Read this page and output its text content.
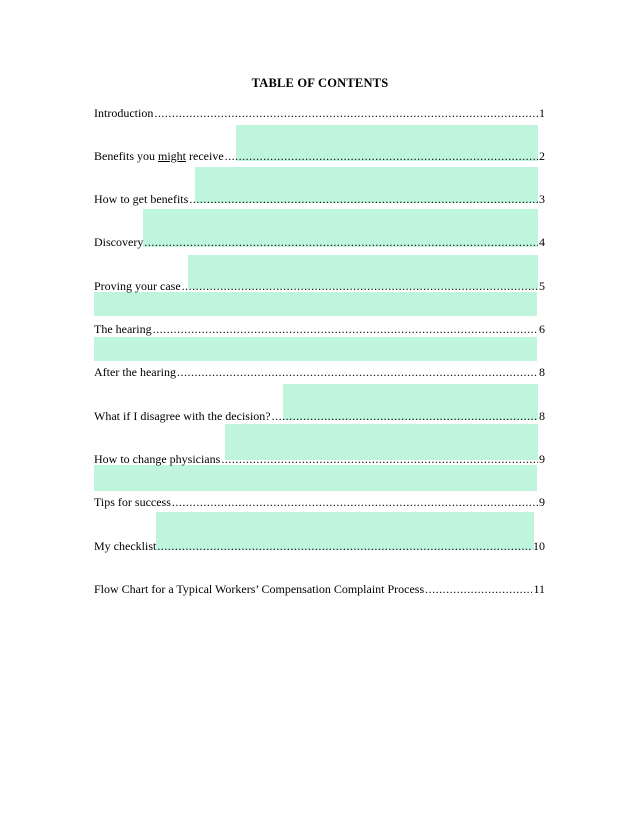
TABLE OF CONTENTS
Introduction .....	1
Benefits you might receive .....	2
How to get benefits .....	3
Discovery .....	4
Proving your case .....	5
The hearing .....	6
After the hearing .....	8
What if I disagree with the decision? .....	8
How to change physicians .....	9
Tips for success .....	9
My checklist .....	10
Flow Chart for a Typical Workers’ Compensation Complaint Process .....	11
